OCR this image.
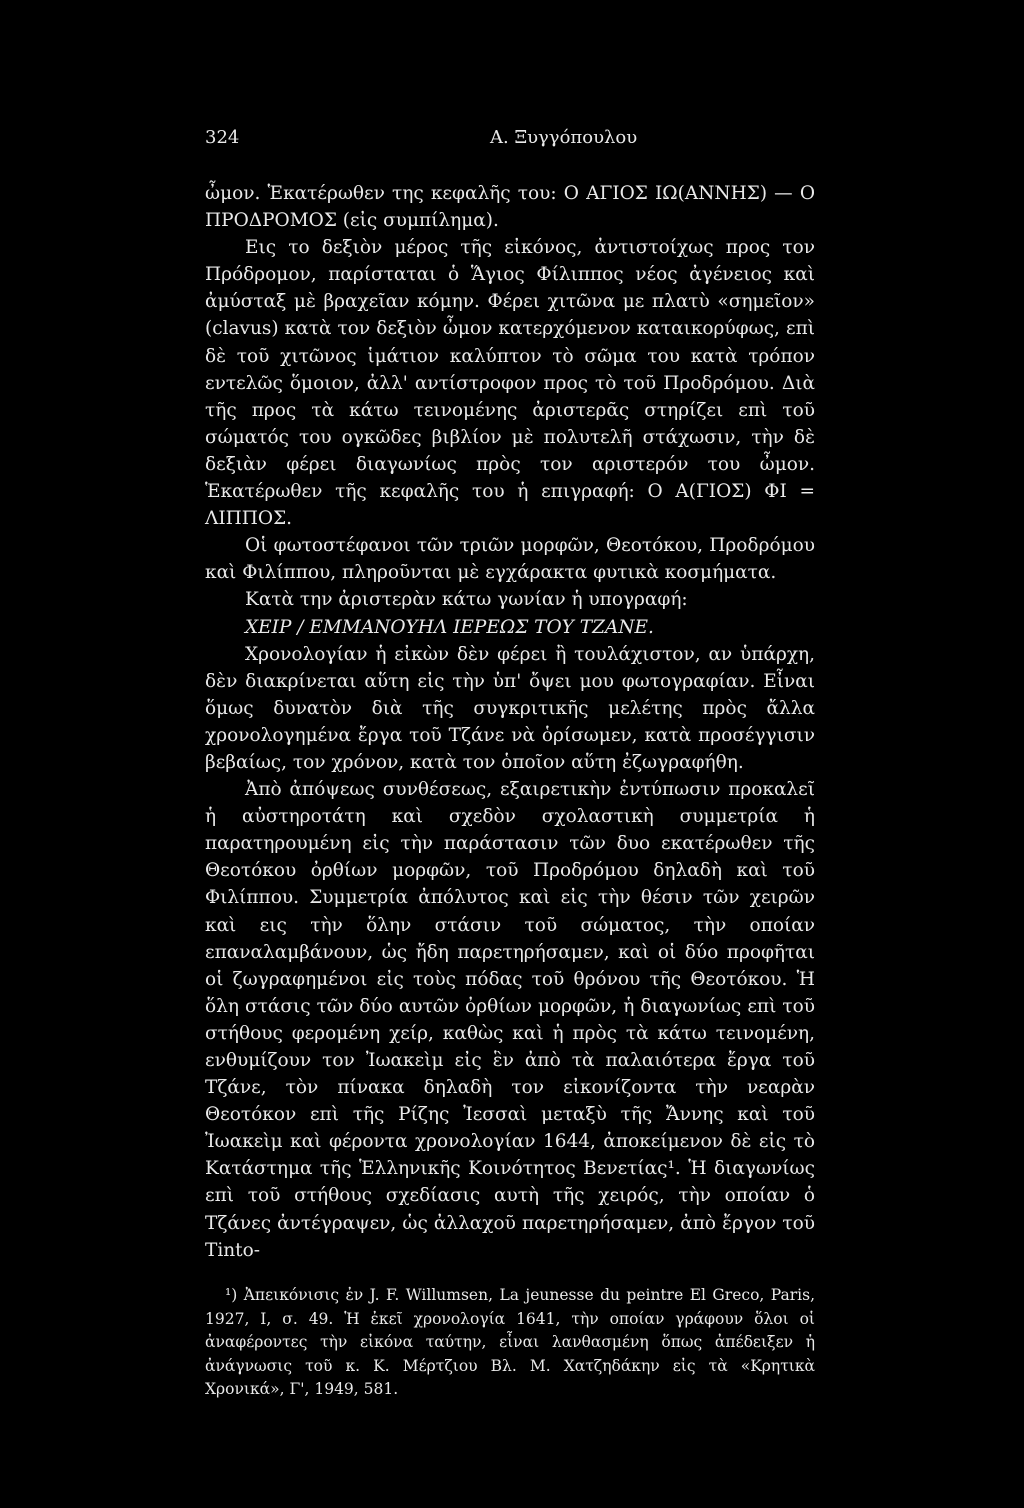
324	Α. Ξυγγόπουλου

ὦμον. Ἑκατέρωθεν της κεφαλῆς του: Ο ΑΓΙΟΣ ΙΩ(ΑΝΝΗΣ) — Ο ΠΡΟΔΡΟΜΟΣ (εἰς συμπίλημα).

Εις το δεξιὸν μέρος τῆς εἰκόνος, ἀντιστοίχως προς τον Πρόδρομον, παρίσταται ὁ Ἅγιος Φίλιππος νέος ἀγένειος καὶ ἀμύσταξ μὲ βραχεῖαν κόμην. Φέρει χιτῶνα με πλατὺ «σημεῖον» (clavus) κατὰ τον δεξιὸν ὦμον κατερχόμενον καταικορύφως, επὶ δὲ τοῦ χιτῶνος ἱμάτιον καλύπτον τὸ σῶμα του κατὰ τρόπον εντελῶς ὅμοιον, ἀλλ' αντίστροφον προς τὸ τοῦ Προδρόμου. Διὰ τῆς προς τὰ κάτω τεινομένης ἀριστερᾶς στηρίζει επὶ τοῦ σώματός του ογκῶδες βιβλίον μὲ πολυτελῆ στάχωσιν, τὴν δὲ δεξιὰν φέρει διαγωνίως πρὸς τον αριστερόν του ὦμον. Ἑκατέρωθεν τῆς κεφαλῆς του ἡ επιγραφή: Ο Α(ΓΙΟΣ) ΦΙ = ΛΙΠΠΟΣ.

Οἱ φωτοστέφανοι τῶν τριῶν μορφῶν, Θεοτόκου, Προδρόμου καὶ Φιλίππου, πληροῦνται μὲ εγχάρακτα φυτικὰ κοσμήματα.

Κατὰ την ἀριστερὰν κάτω γωνίαν ἡ υπογραφή:

ΧΕΙΡ / ΕΜΜΑΝΟΥΗΛ ΙΕΡΕΩΣ ΤΟΥ ΤΖΑΝΕ.

Χρονολογίαν ἡ εἰκὼν δὲν φέρει ἢ τουλάχιστον, αν ὑπάρχη, δὲν διακρίνεται αὕτη εἰς τὴν ὑπ' ὄψει μου φωτογραφίαν. Εἶναι ὅμως δυνατὸν διὰ τῆς συγκριτικῆς μελέτης πρὸς ἄλλα χρονολογημένα ἔργα τοῦ Τζάνε νὰ ὁρίσωμεν, κατὰ προσέγγισιν βεβαίως, τον χρόνον, κατὰ τον ὁποῖον αὕτη ἐζωγραφήθη.

Ἀπὸ ἀπόψεως συνθέσεως, εξαιρετικὴν ἐντύπωσιν προκαλεῖ ἡ αὐστηροτάτη καὶ σχεδὸν σχολαστικὴ συμμετρία ἡ παρατηρουμένη εἰς τὴν παράστασιν τῶν δυο εκατέρωθεν τῆς Θεοτόκου ὀρθίων μορφῶν, τοῦ Προδρόμου δηλαδὴ καὶ τοῦ Φιλίππου. Συμμετρία ἀπόλυτος καὶ εἰς τὴν θέσιν τῶν χειρῶν καὶ εις τὴν ὅλην στάσιν τοῦ σώματος, τὴν οποίαν επαναλαμβάνουν, ὡς ἤδη παρετηρήσαμεν, καὶ οἱ δύο προφῆται οἱ ζωγραφημένοι εἰς τοὺς πόδας τοῦ θρόνου τῆς Θεοτόκου. Ἡ ὅλη στάσις τῶν δύο αυτῶν ὀρθίων μορφῶν, ἡ διαγωνίως επὶ τοῦ στήθους φερομένη χείρ, καθὼς καὶ ἡ πρὸς τὰ κάτω τεινομένη, ενθυμίζουν τον Ἰωακεὶμ εἰς ἓν ἀπὸ τὰ παλαιότερα ἔργα τοῦ Τζάνε, τὸν πίνακα δηλαδὴ τον εἰκονίζοντα τὴν νεαρὰν Θεοτόκον επὶ τῆς Ρίζης Ἰεσσαὶ μεταξὺ τῆς Ἄννης καὶ τοῦ Ἰωακεὶμ καὶ φέροντα χρονολογίαν 1644, ἀποκείμενον δὲ εἰς τὸ Κατάστημα τῆς Ἑλληνικῆς Κοινότητος Βενετίας¹. Ἡ διαγωνίως επὶ τοῦ στήθους σχεδίασις αυτὴ τῆς χειρός, τὴν οποίαν ὁ Τζάνες ἀντέγραψεν, ὡς ἀλλαχοῦ παρετηρήσαμεν, ἀπὸ ἔργον τοῦ Tinto-

¹) Ἀπεικόνισις ἐν J. F. Willumsen, La jeunesse du peintre El Greco, Paris, 1927, I, σ. 49. Ἡ ἐκεῖ χρονολογία 1641, τὴν οποίαν γράφουν ὅλοι οἱ ἀναφέροντες τὴν εἰκόνα ταύτην, εἶναι λανθασμένη ὅπως ἀπέδειξεν ἡ ἀνάγνωσις τοῦ κ. Κ. Μέρτζιου Βλ. Μ. Χατζηδάκην εἰς τὰ «Κρητικὰ Χρονικά», Γ', 1949, 581.
